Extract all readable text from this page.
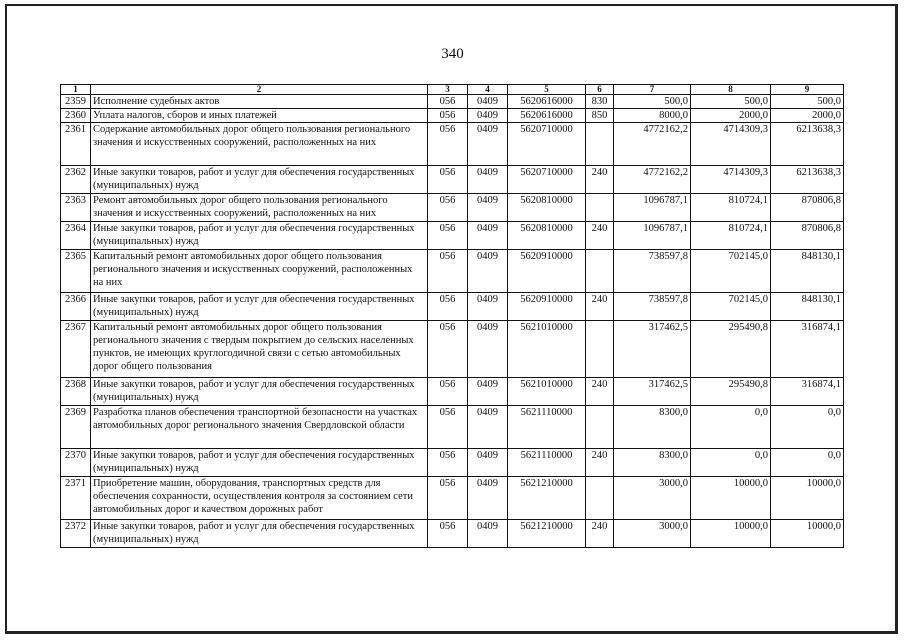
340
1	2	3	4	5	6	7	8	9
2359	Исполнение судебных актов	056	0409	5620616000	830	500,0	500,0	500,0
2360	Уплата налогов, сборов и иных платежей	056	0409	5620616000	850	8000,0	2000,0	2000,0
2361	Содержание автомобильных дорог общего пользования регионального значения и искусственных сооружений, расположенных на них	056	0409	5620710000		4772162,2	4714309,3	6213638,3
2362	Иные закупки товаров, работ и услуг для обеспечения государственных (муниципальных) нужд	056	0409	5620710000	240	4772162,2	4714309,3	6213638,3
2363	Ремонт автомобильных дорог общего пользования регионального значения и искусственных сооружений, расположенных на них	056	0409	5620810000		1096787,1	810724,1	870806,8
2364	Иные закупки товаров, работ и услуг для обеспечения государственных (муниципальных) нужд	056	0409	5620810000	240	1096787,1	810724,1	870806,8
2365	Капитальный ремонт автомобильных дорог общего пользования регионального значения и искусственных сооружений, расположенных на них	056	0409	5620910000		738597,8	702145,0	848130,1
2366	Иные закупки товаров, работ и услуг для обеспечения государственных (муниципальных) нужд	056	0409	5620910000	240	738597,8	702145,0	848130,1
2367	Капитальный ремонт автомобильных дорог общего пользования регионального значения с твердым покрытием до сельских населенных пунктов, не имеющих круглогодичной связи с сетью автомобильных дорог общего пользования	056	0409	5621010000		317462,5	295490,8	316874,1
2368	Иные закупки товаров, работ и услуг для обеспечения государственных (муниципальных) нужд	056	0409	5621010000	240	317462,5	295490,8	316874,1
2369	Разработка планов обеспечения транспортной безопасности на участках автомобильных дорог регионального значения Свердловской области	056	0409	5621110000		8300,0	0,0	0,0
2370	Иные закупки товаров, работ и услуг для обеспечения государственных (муниципальных) нужд	056	0409	5621110000	240	8300,0	0,0	0,0
2371	Приобретение машин, оборудования, транспортных средств для обеспечения сохранности, осуществления контроля за состоянием сети автомобильных дорог и качеством дорожных работ	056	0409	5621210000		3000,0	10000,0	10000,0
2372	Иные закупки товаров, работ и услуг для обеспечения государственных (муниципальных) нужд	056	0409	5621210000	240	3000,0	10000,0	10000,0
